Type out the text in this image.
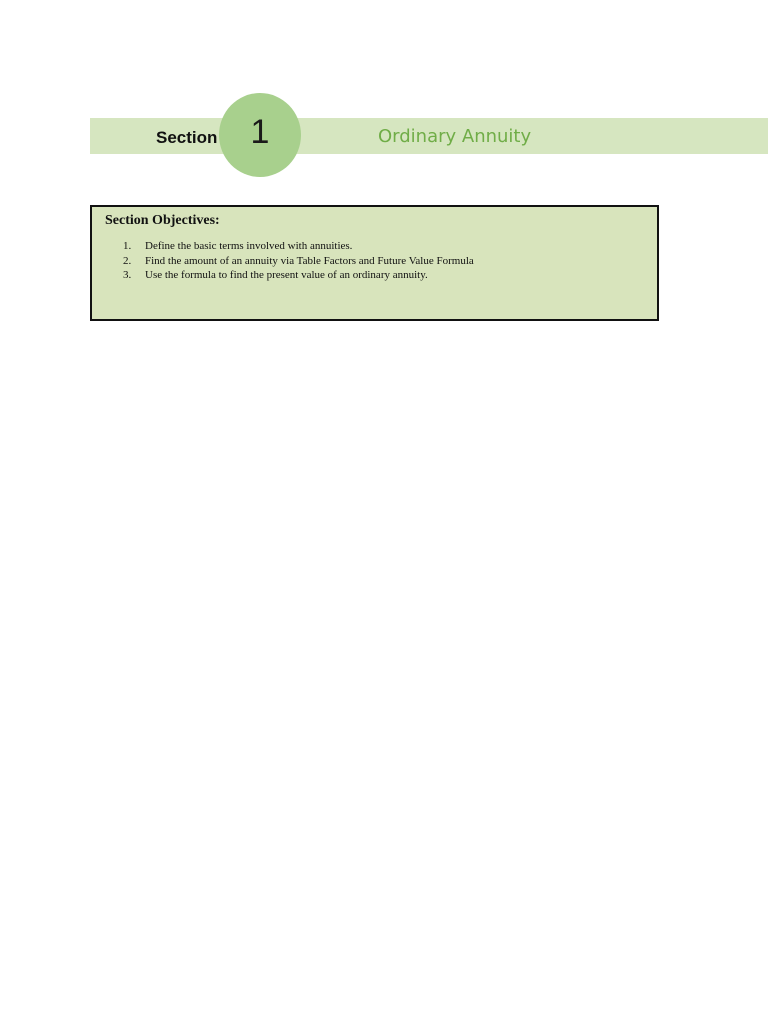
Section 1	Ordinary Annuity
Section Objectives:
1. Define the basic terms involved with annuities.
2. Find the amount of an annuity via Table Factors and Future Value Formula
3. Use the formula to find the present value of an ordinary annuity.
